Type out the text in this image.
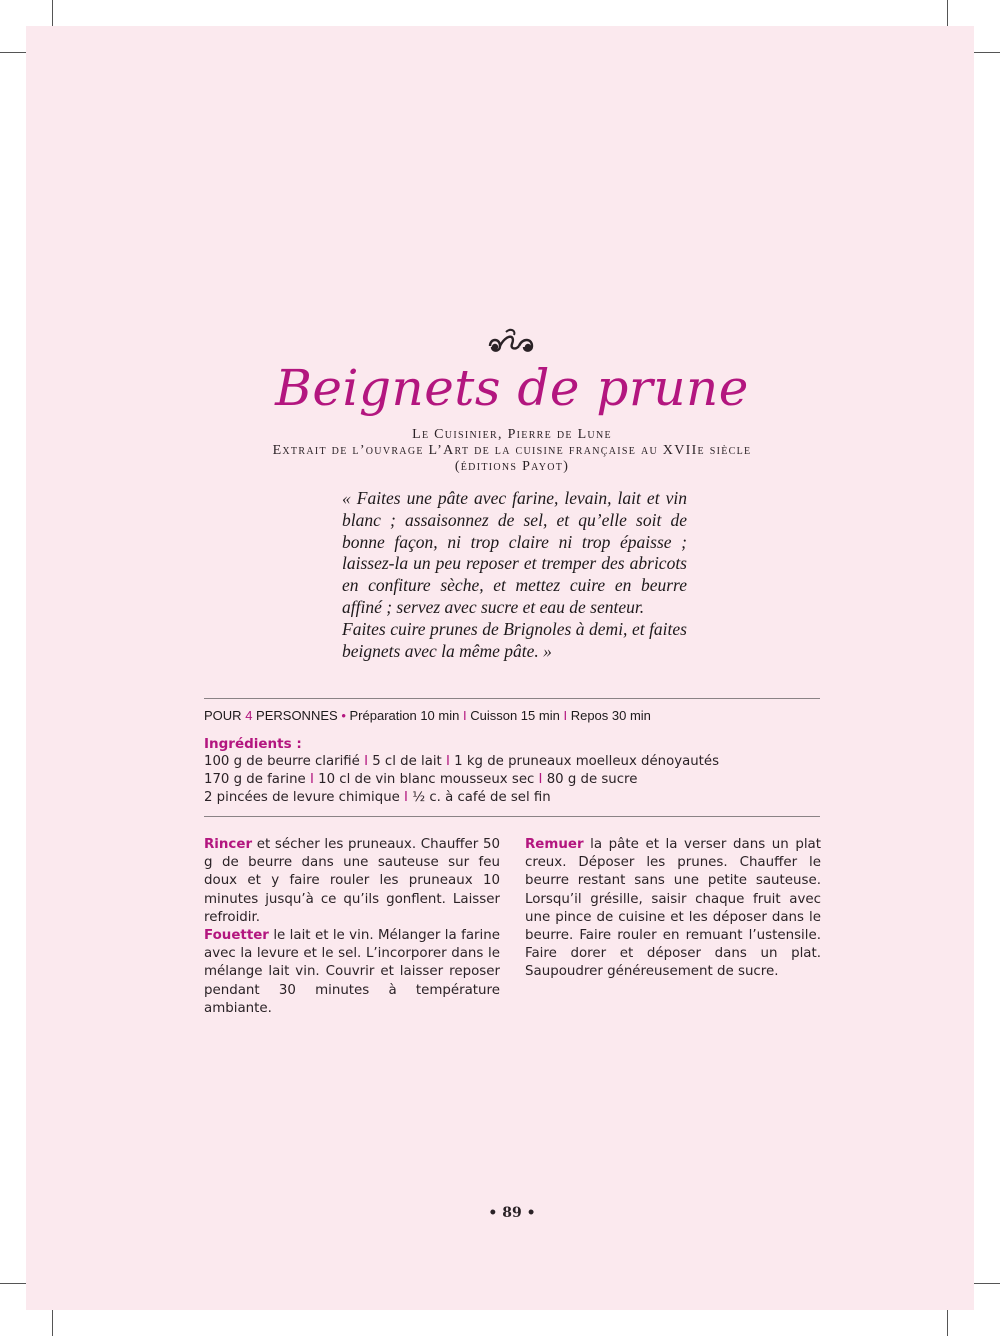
Beignets de prune
Le Cuisinier, Pierre de Lune
Extrait de l’ouvrage L’Art de la cuisine française au XVIIe siècle
(éditions Payot)

« Faites une pâte avec farine, levain, lait et vin blanc ; assaisonnez de sel, et qu’elle soit de bonne façon, ni trop claire ni trop épaisse ; laissez-la un peu reposer et tremper des abricots en confiture sèche, et mettez cuire en beurre affiné ; servez avec sucre et eau de senteur.

Faites cuire prunes de Brignoles à demi, et faites beignets avec la même pâte. »

POUR 4 PERSONNES • Préparation 10 min I Cuisson 15 min I Repos 30 min
Ingrédients :
100 g de beurre clarifié I 5 cl de lait I 1 kg de pruneaux moelleux dénoyautés
170 g de farine I 10 cl de vin blanc mousseux sec I 80 g de sucre
2 pincées de levure chimique I ½ c. à café de sel fin

Rincer et sécher les pruneaux. Chauffer 50 g de beurre dans une sauteuse sur feu doux et y faire rouler les pruneaux 10 minutes jusqu’à ce qu’ils gonflent. Laisser refroidir.

Fouetter le lait et le vin. Mélanger la farine avec la levure et le sel. L’incorporer dans le mélange lait vin. Couvrir et laisser reposer pendant 30 minutes à température ambiante.

Remuer la pâte et la verser dans un plat creux. Déposer les prunes. Chauffer le beurre restant sans une petite sauteuse. Lorsqu’il grésille, saisir chaque fruit avec une pince de cuisine et les déposer dans le beurre. Faire rouler en remuant l’ustensile. Faire dorer et déposer dans un plat. Saupoudrer généreusement de sucre.

• 89 •
